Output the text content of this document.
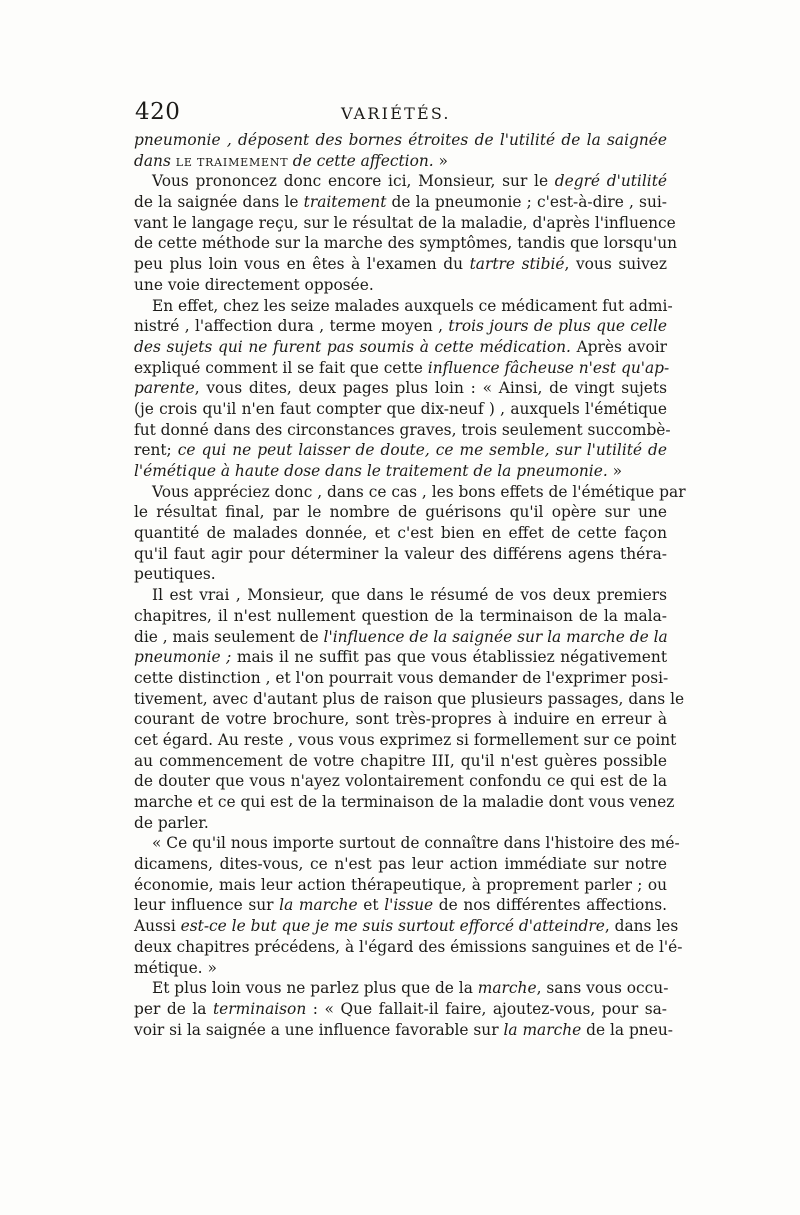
420	VARIÉTÉS.
pneumonie , déposent des bornes étroites de l'utilité de la saignée
dans LE TRAIMEMENT de cette affection. »
Vous prononcez donc encore ici, Monsieur, sur le degré d'utilité
de la saignée dans le traitement de la pneumonie ; c'est-à-dire , sui-
vant le langage reçu, sur le résultat de la maladie, d'après l'influence
de cette méthode sur la marche des symptômes, tandis que lorsqu'un
peu plus loin vous en êtes à l'examen du tartre stibié, vous suivez
une voie directement opposée.
En effet, chez les seize malades auxquels ce médicament fut admi-
nistré , l'affection dura , terme moyen , trois jours de plus que celle
des sujets qui ne furent pas soumis à cette médication. Après avoir
expliqué comment il se fait que cette influence fâcheuse n'est qu'ap-
parente, vous dites, deux pages plus loin : « Ainsi, de vingt sujets
(je crois qu'il n'en faut compter que dix-neuf ) , auxquels l'émétique
fut donné dans des circonstances graves, trois seulement succombè-
rent; ce qui ne peut laisser de doute, ce me semble, sur l'utilité de
l'émétique à haute dose dans le traitement de la pneumonie. »
Vous appréciez donc , dans ce cas , les bons effets de l'émétique par
le résultat final, par le nombre de guérisons qu'il opère sur une
quantité de malades donnée, et c'est bien en effet de cette façon
qu'il faut agir pour déterminer la valeur des différens agens théra-
peutiques.
Il est vrai , Monsieur, que dans le résumé de vos deux premiers
chapitres, il n'est nullement question de la terminaison de la mala-
die , mais seulement de l'influence de la saignée sur la marche de la
pneumonie ; mais il ne suffit pas que vous établissiez négativement
cette distinction , et l'on pourrait vous demander de l'exprimer posi-
tivement, avec d'autant plus de raison que plusieurs passages, dans le
courant de votre brochure, sont très-propres à induire en erreur à
cet égard. Au reste , vous vous exprimez si formellement sur ce point
au commencement de votre chapitre III, qu'il n'est guères possible
de douter que vous n'ayez volontairement confondu ce qui est de la
marche et ce qui est de la terminaison de la maladie dont vous venez
de parler.
« Ce qu'il nous importe surtout de connaître dans l'histoire des mé-
dicamens, dites-vous, ce n'est pas leur action immédiate sur notre
économie, mais leur action thérapeutique, à proprement parler ; ou
leur influence sur la marche et l'issue de nos différentes affections.
Aussi est-ce le but que je me suis surtout efforcé d'atteindre, dans les
deux chapitres précédens, à l'égard des émissions sanguines et de l'é-
métique. »
Et plus loin vous ne parlez plus que de la marche, sans vous occu-
per de la terminaison : « Que fallait-il faire, ajoutez-vous, pour sa-
voir si la saignée a une influence favorable sur la marche de la pneu-
